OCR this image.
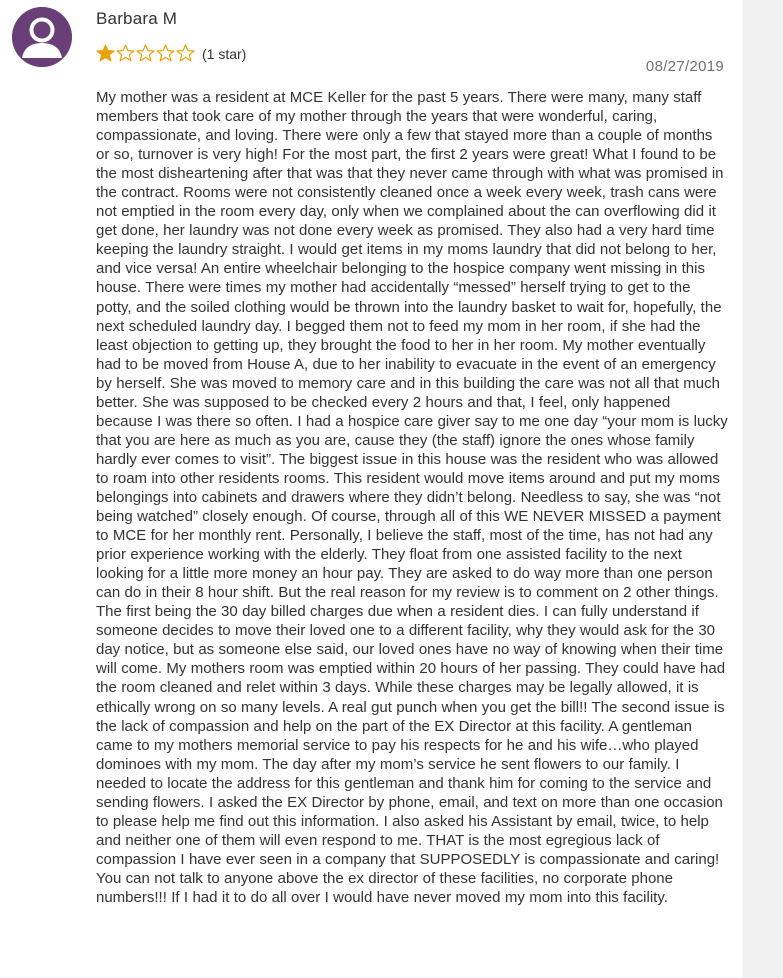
Barbara M
(1 star)
08/27/2019

My mother was a resident at MCE Keller for the past 5 years. There were many, many staff members that took care of my mother through the years that were wonderful, caring, compassionate, and loving. There were only a few that stayed more than a couple of months or so, turnover is very high! For the most part, the first 2 years were great! What I found to be the most disheartening after that was that they never came through with what was promised in the contract. Rooms were not consistently cleaned once a week every week, trash cans were not emptied in the room every day, only when we complained about the can overflowing did it get done, her laundry was not done every week as promised. They also had a very hard time keeping the laundry straight. I would get items in my moms laundry that did not belong to her, and vice versa! An entire wheelchair belonging to the hospice company went missing in this house. There were times my mother had accidentally “messed” herself trying to get to the potty, and the soiled clothing would be thrown into the laundry basket to wait for, hopefully, the next scheduled laundry day. I begged them not to feed my mom in her room, if she had the least objection to getting up, they brought the food to her in her room. My mother eventually had to be moved from House A, due to her inability to evacuate in the event of an emergency by herself. She was moved to memory care and in this building the care was not all that much better. She was supposed to be checked every 2 hours and that, I feel, only happened because I was there so often. I had a hospice care giver say to me one day “your mom is lucky that you are here as much as you are, cause they (the staff) ignore the ones whose family hardly ever comes to visit”. The biggest issue in this house was the resident who was allowed to roam into other residents rooms. This resident would move items around and put my moms belongings into cabinets and drawers where they didn’t belong. Needless to say, she was “not being watched” closely enough. Of course, through all of this WE NEVER MISSED a payment to MCE for her monthly rent. Personally, I believe the staff, most of the time, has not had any prior experience working with the elderly. They float from one assisted facility to the next looking for a little more money an hour pay. They are asked to do way more than one person can do in their 8 hour shift. But the real reason for my review is to comment on 2 other things. The first being the 30 day billed charges due when a resident dies. I can fully understand if someone decides to move their loved one to a different facility, why they would ask for the 30 day notice, but as someone else said, our loved ones have no way of knowing when their time will come. My mothers room was emptied within 20 hours of her passing. They could have had the room cleaned and relet within 3 days. While these charges may be legally allowed, it is ethically wrong on so many levels. A real gut punch when you get the bill!! The second issue is the lack of compassion and help on the part of the EX Director at this facility. A gentleman came to my mothers memorial service to pay his respects for he and his wife…who played dominoes with my mom. The day after my mom’s service he sent flowers to our family. I needed to locate the address for this gentleman and thank him for coming to the service and sending flowers. I asked the EX Director by phone, email, and text on more than one occasion to please help me find out this information. I also asked his Assistant by email, twice, to help and neither one of them will even respond to me. THAT is the most egregious lack of compassion I have ever seen in a company that SUPPOSEDLY is compassionate and caring! You can not talk to anyone above the ex director of these facilities, no corporate phone numbers!!! If I had it to do all over I would have never moved my mom into this facility.
